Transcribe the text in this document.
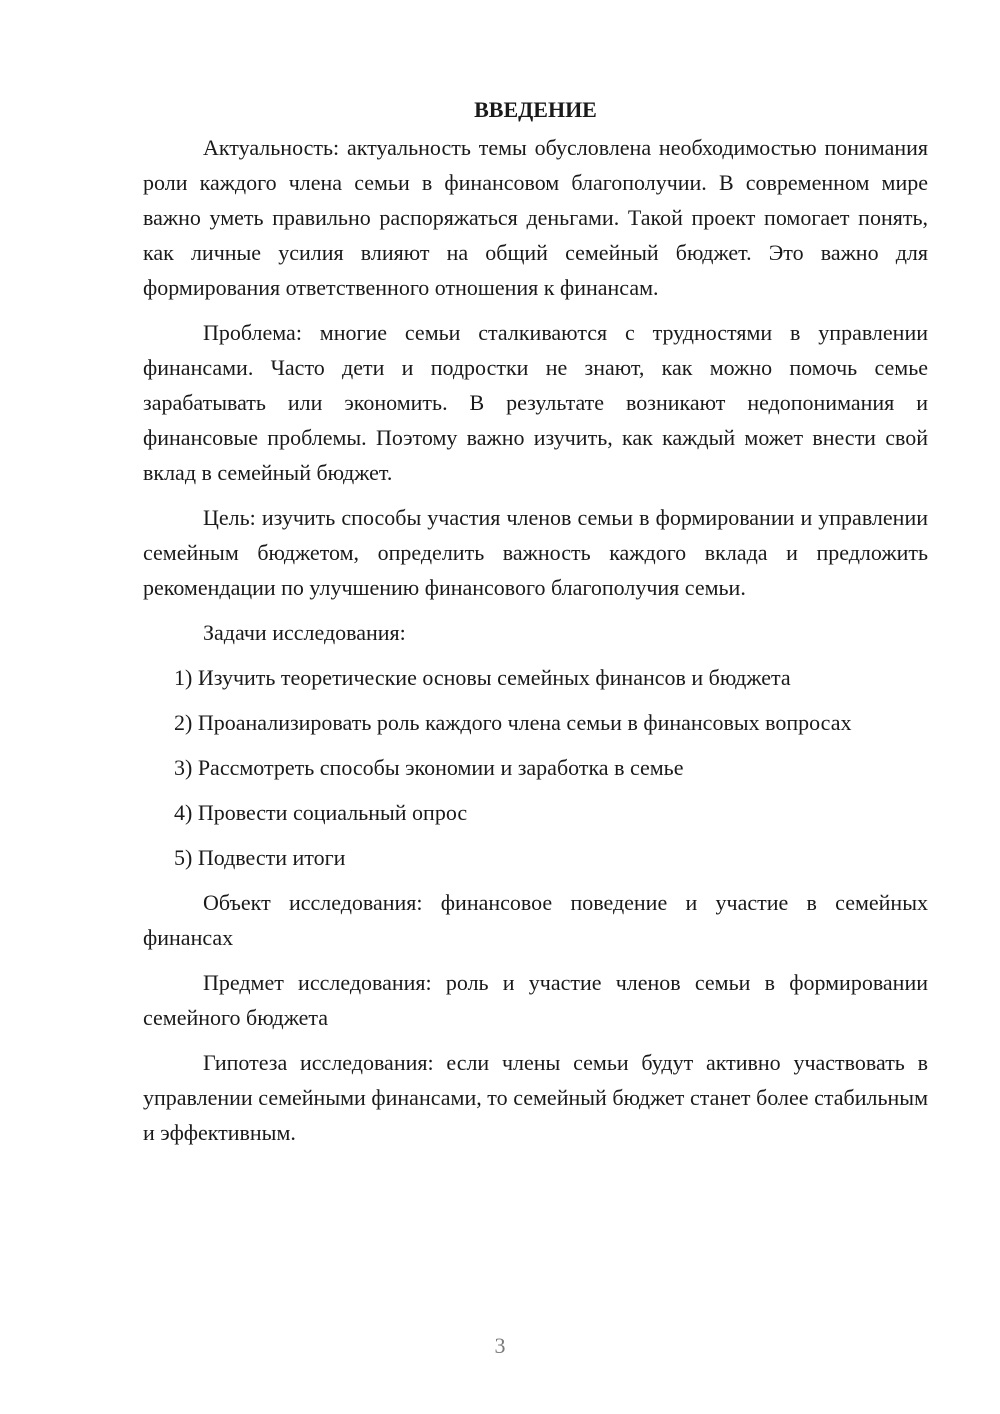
ВВЕДЕНИЕ

Актуальность: актуальность темы обусловлена необходимостью понимания роли каждого члена семьи в финансовом благополучии. В современном мире важно уметь правильно распоряжаться деньгами. Такой проект помогает понять, как личные усилия влияют на общий семейный бюджет. Это важно для формирования ответственного отношения к финансам.

Проблема: многие семьи сталкиваются с трудностями в управлении финансами. Часто дети и подростки не знают, как можно помочь семье зарабатывать или экономить. В результате возникают недопонимания и финансовые проблемы. Поэтому важно изучить, как каждый может внести свой вклад в семейный бюджет.

Цель: изучить способы участия членов семьи в формировании и управлении семейным бюджетом, определить важность каждого вклада и предложить рекомендации по улучшению финансового благополучия семьи.

Задачи исследования:

1) Изучить теоретические основы семейных финансов и бюджета

2) Проанализировать роль каждого члена семьи в финансовых вопросах

3) Рассмотреть способы экономии и заработка в семье

4) Провести социальный опрос

5) Подвести итоги

Объект исследования: финансовое поведение и участие в семейных финансах

Предмет исследования: роль и участие членов семьи в формировании семейного бюджета

Гипотеза исследования: если члены семьи будут активно участвовать в управлении семейными финансами, то семейный бюджет станет более стабильным и эффективным.

3
